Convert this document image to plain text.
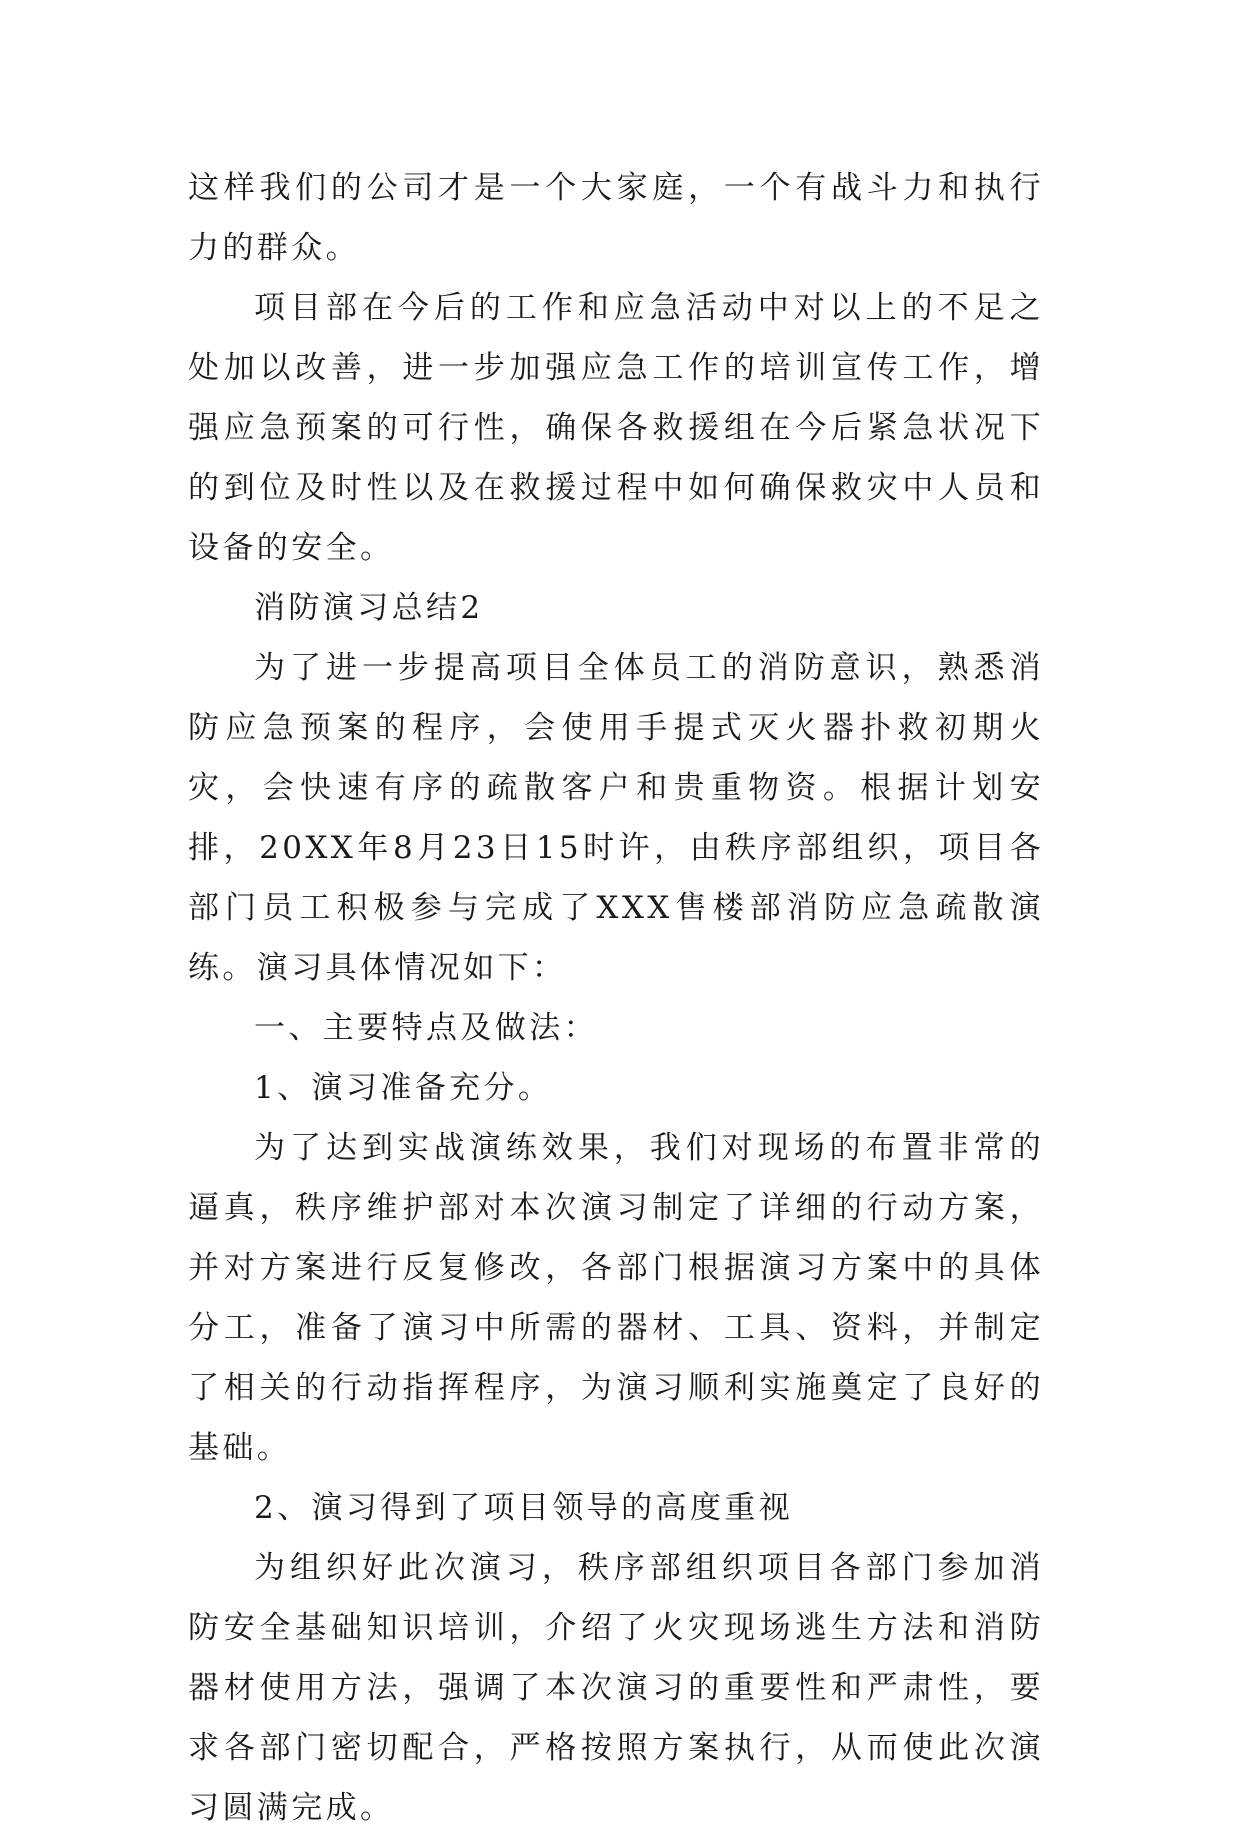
这样我们的公司才是一个大家庭，一个有战斗力和执行力的群众。

项目部在今后的工作和应急活动中对以上的不足之处加以改善，进一步加强应急工作的培训宣传工作，增强应急预案的可行性，确保各救援组在今后紧急状况下的到位及时性以及在救援过程中如何确保救灾中人员和设备的安全。

消防演习总结2

为了进一步提高项目全体员工的消防意识，熟悉消防应急预案的程序，会使用手提式灭火器扑救初期火灾，会快速有序的疏散客户和贵重物资。根据计划安排，20XX年8月23日15时许，由秩序部组织，项目各部门员工积极参与完成了XXX售楼部消防应急疏散演练。演习具体情况如下：

一、主要特点及做法：

1、演习准备充分。

为了达到实战演练效果，我们对现场的布置非常的逼真，秩序维护部对本次演习制定了详细的行动方案，并对方案进行反复修改，各部门根据演习方案中的具体分工，准备了演习中所需的器材、工具、资料，并制定了相关的行动指挥程序，为演习顺利实施奠定了良好的基础。

2、演习得到了项目领导的高度重视

为组织好此次演习，秩序部组织项目各部门参加消防安全基础知识培训，介绍了火灾现场逃生方法和消防器材使用方法，强调了本次演习的重要性和严肃性，要求各部门密切配合，严格按照方案执行，从而使此次演习圆满完成。
